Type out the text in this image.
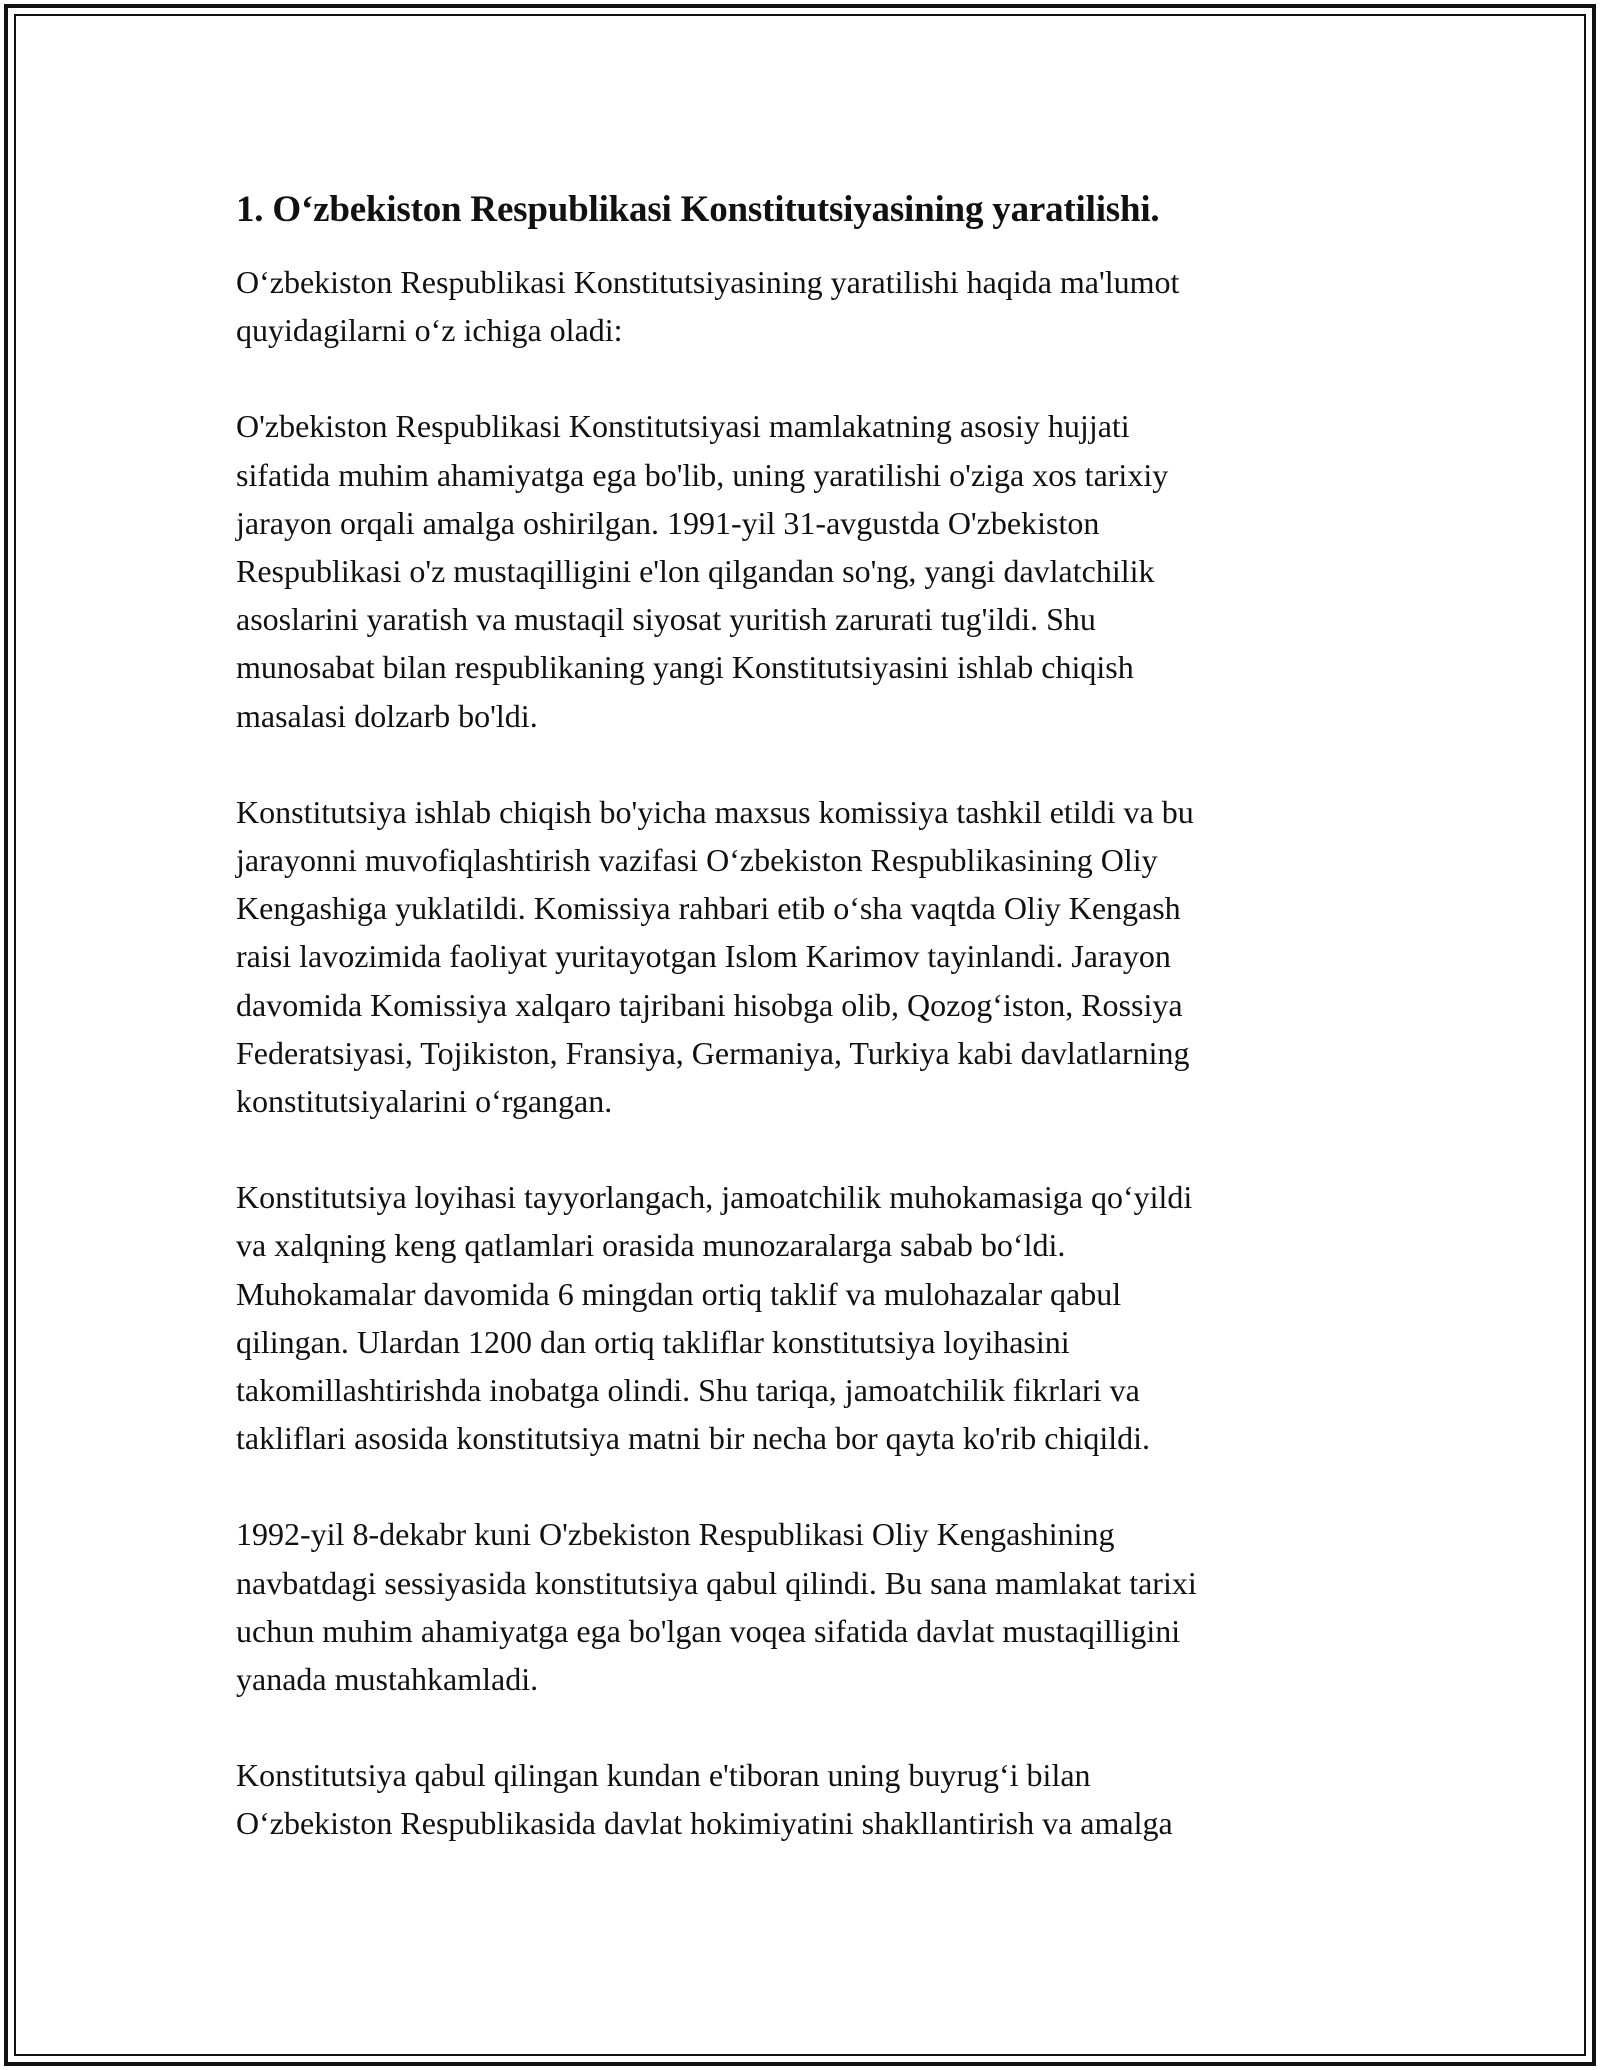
1. O‘zbekiston Respublikasi Konstitutsiyasining yaratilishi.

O‘zbekiston Respublikasi Konstitutsiyasining yaratilishi haqida ma'lumot
quyidagilarni o‘z ichiga oladi:

O'zbekiston Respublikasi Konstitutsiyasi mamlakatning asosiy hujjati
sifatida muhim ahamiyatga ega bo'lib, uning yaratilishi o'ziga xos tarixiy
jarayon orqali amalga oshirilgan. 1991-yil 31-avgustda O'zbekiston
Respublikasi o'z mustaqilligini e'lon qilgandan so'ng, yangi davlatchilik
asoslarini yaratish va mustaqil siyosat yuritish zarurati tug'ildi. Shu
munosabat bilan respublikaning yangi Konstitutsiyasini ishlab chiqish
masalasi dolzarb bo'ldi.

Konstitutsiya ishlab chiqish bo'yicha maxsus komissiya tashkil etildi va bu
jarayonni muvofiqlashtirish vazifasi O‘zbekiston Respublikasining Oliy
Kengashiga yuklatildi. Komissiya rahbari etib o‘sha vaqtda Oliy Kengash
raisi lavozimida faoliyat yuritayotgan Islom Karimov tayinlandi. Jarayon
davomida Komissiya xalqaro tajribani hisobga olib, Qozog‘iston, Rossiya
Federatsiyasi, Tojikiston, Fransiya, Germaniya, Turkiya kabi davlatlarning
konstitutsiyalarini o‘rgangan.

Konstitutsiya loyihasi tayyorlangach, jamoatchilik muhokamasiga qo‘yildi
va xalqning keng qatlamlari orasida munozaralarga sabab bo‘ldi.
Muhokamalar davomida 6 mingdan ortiq taklif va mulohazalar qabul
qilingan. Ulardan 1200 dan ortiq takliflar konstitutsiya loyihasini
takomillashtirishda inobatga olindi. Shu tariqa, jamoatchilik fikrlari va
takliflari asosida konstitutsiya matni bir necha bor qayta ko'rib chiqildi.

1992-yil 8-dekabr kuni O'zbekiston Respublikasi Oliy Kengashining
navbatdagi sessiyasida konstitutsiya qabul qilindi. Bu sana mamlakat tarixi
uchun muhim ahamiyatga ega bo'lgan voqea sifatida davlat mustaqilligini
yanada mustahkamladi.

Konstitutsiya qabul qilingan kundan e'tiboran uning buyrug‘i bilan
O‘zbekiston Respublikasida davlat hokimiyatini shakllantirish va amalga
